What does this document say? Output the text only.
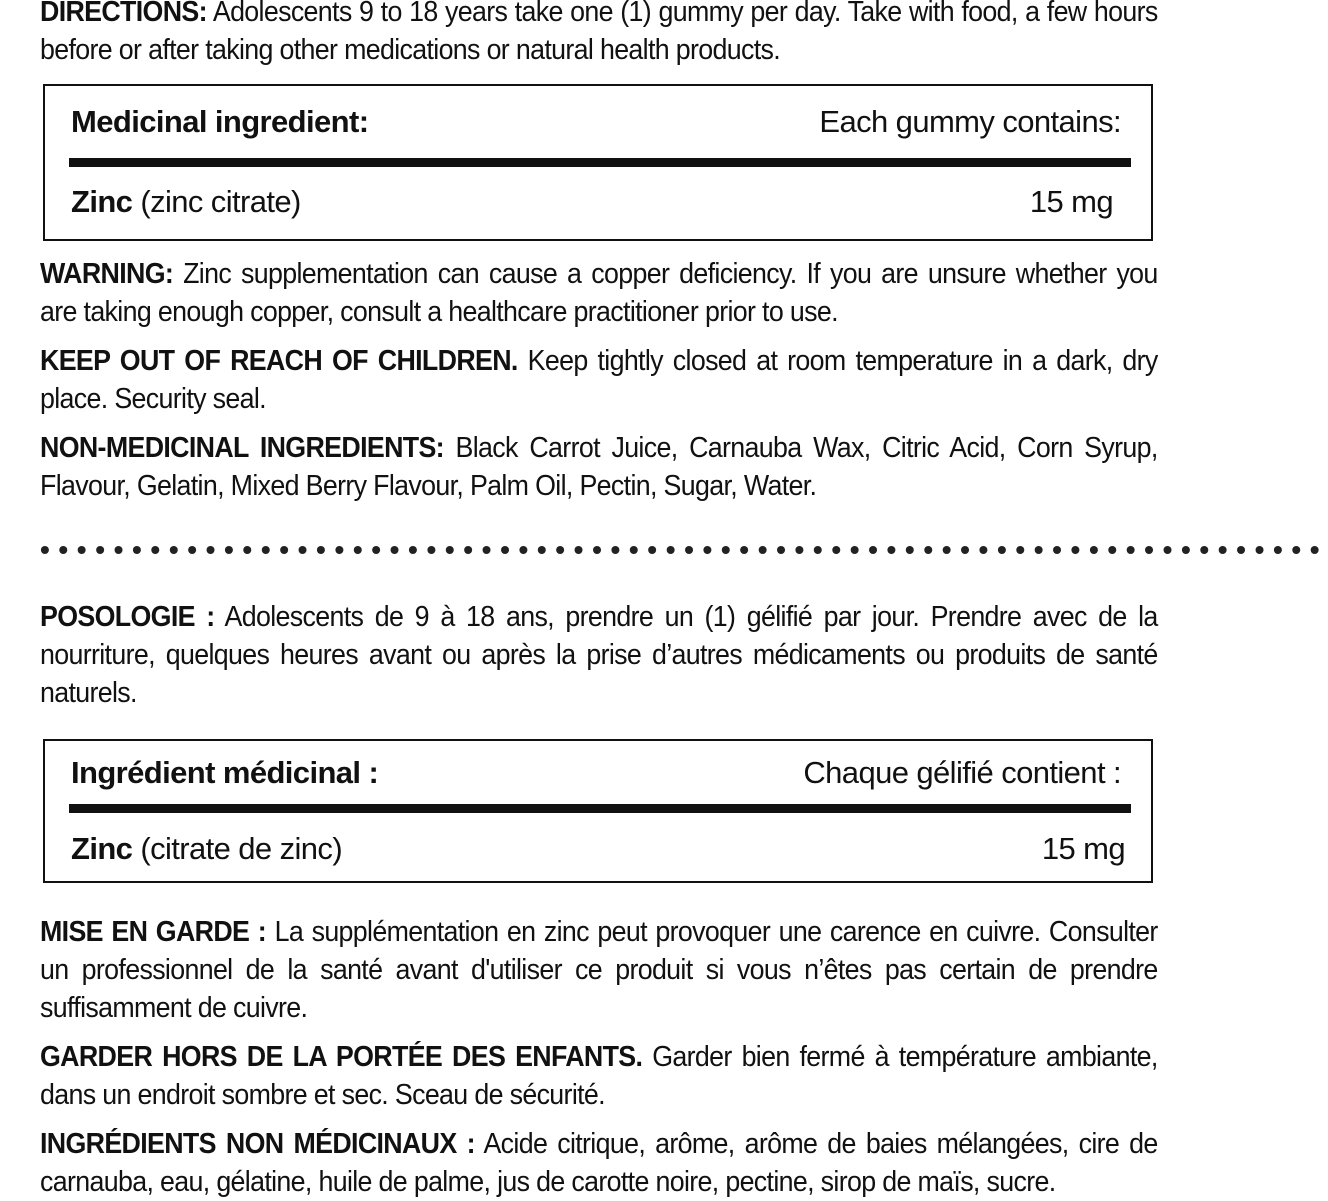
DIRECTIONS: Adolescents 9 to 18 years take one (1) gummy per day. Take with food, a few hours before or after taking other medications or natural health products.

Medicinal ingredient:	Each gummy contains:
Zinc (zinc citrate)	15 mg

WARNING: Zinc supplementation can cause a copper deficiency. If you are unsure whether you are taking enough copper, consult a healthcare practitioner prior to use.

KEEP OUT OF REACH OF CHILDREN. Keep tightly closed at room temperature in a dark, dry place. Security seal.

NON-MEDICINAL INGREDIENTS: Black Carrot Juice, Carnauba Wax, Citric Acid, Corn Syrup, Flavour, Gelatin, Mixed Berry Flavour, Palm Oil, Pectin, Sugar, Water.

••••••••••••••••••••••••••••••••••••••••••••••••••••••••••••••••••••••

POSOLOGIE : Adolescents de 9 à 18 ans, prendre un (1) gélifié par jour. Prendre avec de la nourriture, quelques heures avant ou après la prise d’autres médicaments ou produits de santé naturels.

Ingrédient médicinal :	Chaque gélifié contient :
Zinc (citrate de zinc)	15 mg

MISE EN GARDE : La supplémentation en zinc peut provoquer une carence en cuivre. Consulter un professionnel de la santé avant d'utiliser ce produit si vous n’êtes pas certain de prendre suffisamment de cuivre.

GARDER HORS DE LA PORTÉE DES ENFANTS. Garder bien fermé à température ambiante, dans un endroit sombre et sec. Sceau de sécurité.

INGRÉDIENTS NON MÉDICINAUX : Acide citrique, arôme, arôme de baies mélangées, cire de carnauba, eau, gélatine, huile de palme, jus de carotte noire, pectine, sirop de maïs, sucre.
